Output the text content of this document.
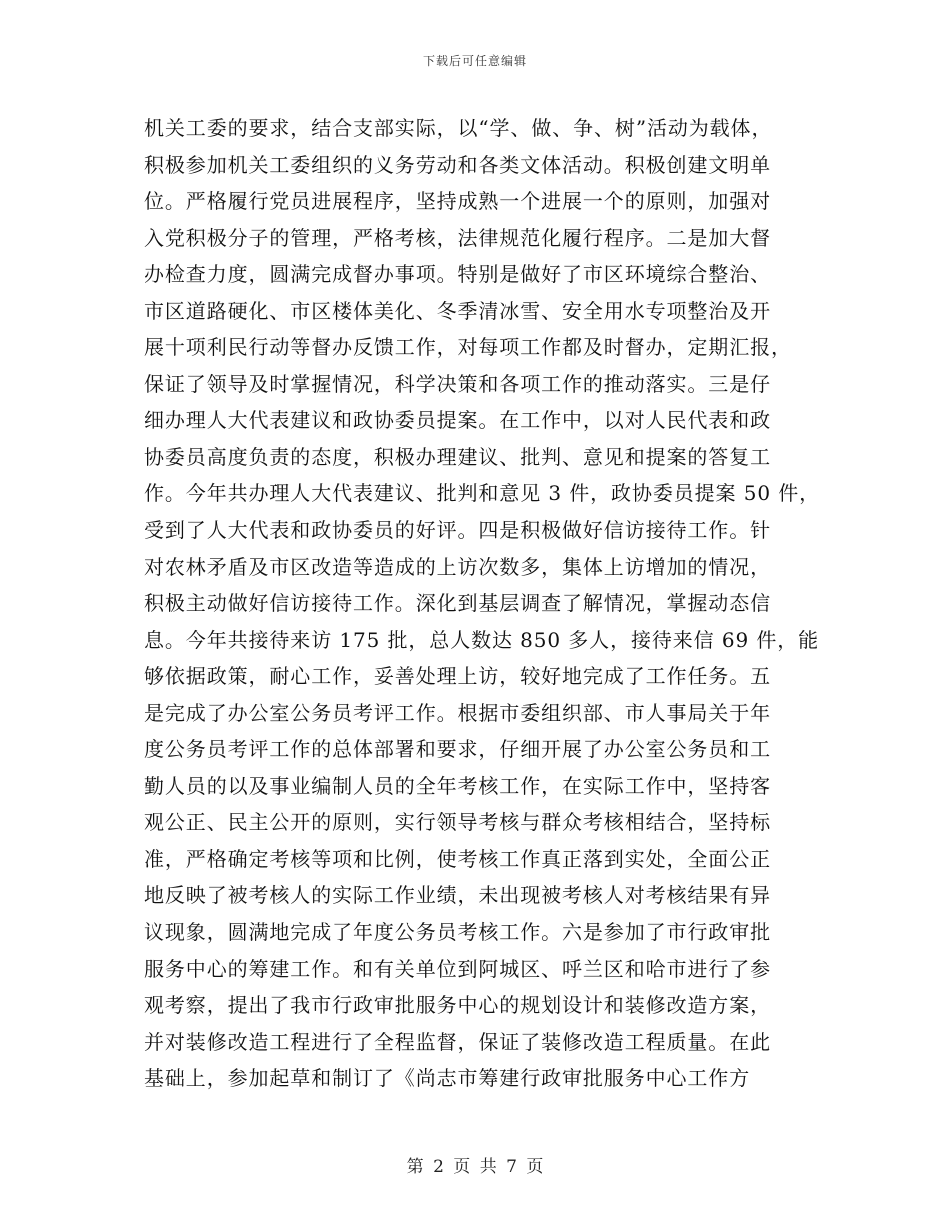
下载后可任意编辑
机关工委的要求，结合支部实际，以“学、做、争、树”活动为载体，
积极参加机关工委组织的义务劳动和各类文体活动。积极创建文明单
位。严格履行党员进展程序，坚持成熟一个进展一个的原则，加强对
入党积极分子的管理，严格考核，法律规范化履行程序。二是加大督
办检查力度，圆满完成督办事项。特别是做好了市区环境综合整治、
市区道路硬化、市区楼体美化、冬季清冰雪、安全用水专项整治及开
展十项利民行动等督办反馈工作，对每项工作都及时督办，定期汇报，
保证了领导及时掌握情况，科学决策和各项工作的推动落实。三是仔
细办理人大代表建议和政协委员提案。在工作中，以对人民代表和政
协委员高度负责的态度，积极办理建议、批判、意见和提案的答复工
作。今年共办理人大代表建议、批判和意见 3 件，政协委员提案 50 件，
受到了人大代表和政协委员的好评。四是积极做好信访接待工作。针
对农林矛盾及市区改造等造成的上访次数多，集体上访增加的情况，
积极主动做好信访接待工作。深化到基层调查了解情况，掌握动态信
息。今年共接待来访 175 批，总人数达 850 多人，接待来信 69 件，能
够依据政策，耐心工作，妥善处理上访，较好地完成了工作任务。五
是完成了办公室公务员考评工作。根据市委组织部、市人事局关于年
度公务员考评工作的总体部署和要求，仔细开展了办公室公务员和工
勤人员的以及事业编制人员的全年考核工作，在实际工作中，坚持客
观公正、民主公开的原则，实行领导考核与群众考核相结合，坚持标
准，严格确定考核等项和比例，使考核工作真正落到实处，全面公正
地反映了被考核人的实际工作业绩，未出现被考核人对考核结果有异
议现象，圆满地完成了年度公务员考核工作。六是参加了市行政审批
服务中心的筹建工作。和有关单位到阿城区、呼兰区和哈市进行了参
观考察，提出了我市行政审批服务中心的规划设计和装修改造方案，
并对装修改造工程进行了全程监督，保证了装修改造工程质量。在此
基础上，参加起草和制订了《尚志市筹建行政审批服务中心工作方
第 2 页 共 7 页
